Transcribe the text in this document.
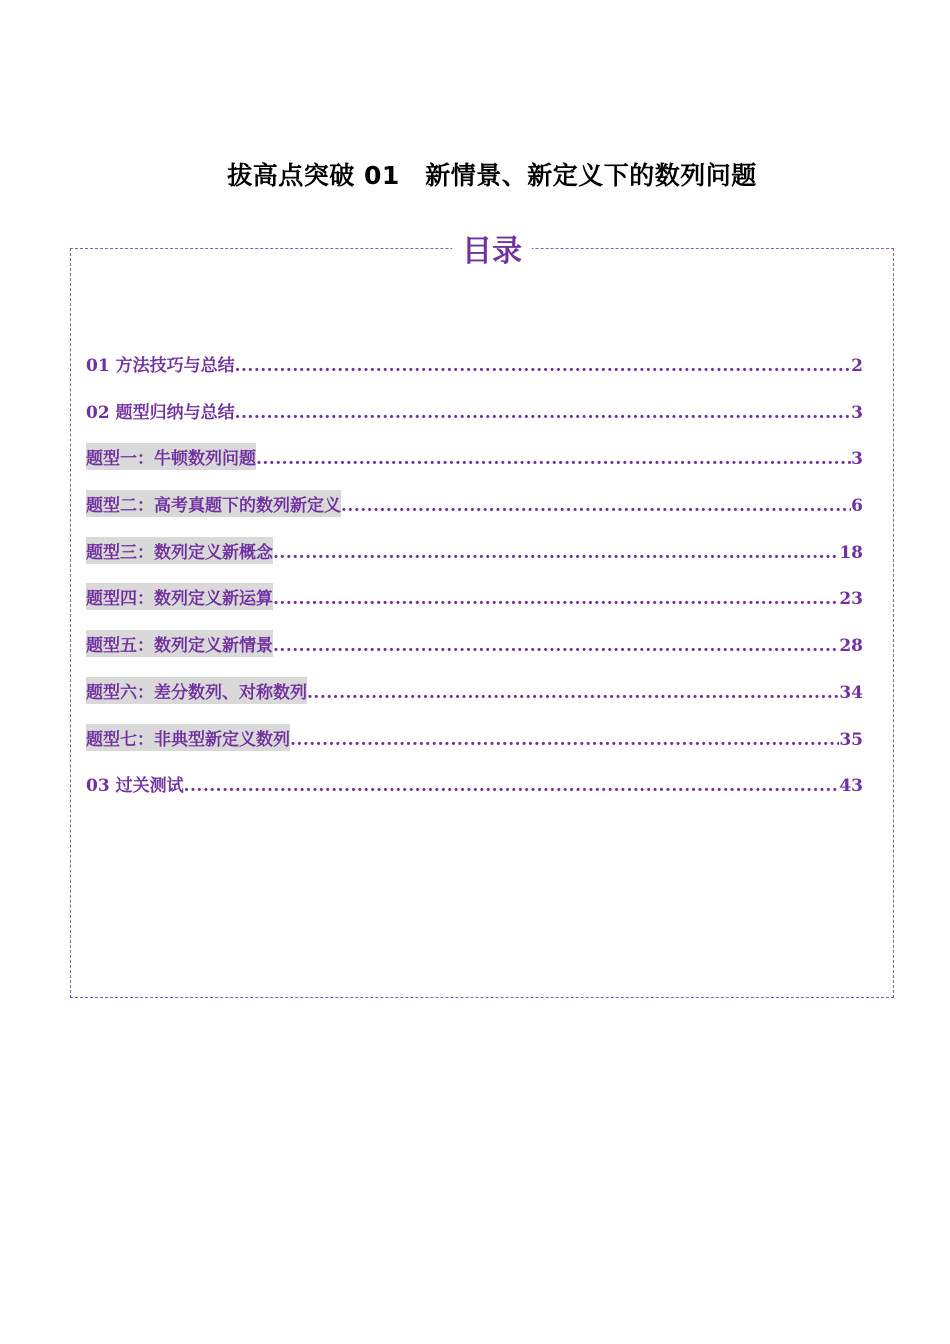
拔高点突破 01　新情景、新定义下的数列问题
目录
01 方法技巧与总结 .....	2
02 题型归纳与总结 .....	3
题型一：牛顿数列问题 .....	3
题型二：高考真题下的数列新定义 .....	6
题型三：数列定义新概念 .....	18
题型四：数列定义新运算 .....	23
题型五：数列定义新情景 .....	28
题型六：差分数列、对称数列 .....	34
题型七：非典型新定义数列 .....	35
03 过关测试 .....	43
